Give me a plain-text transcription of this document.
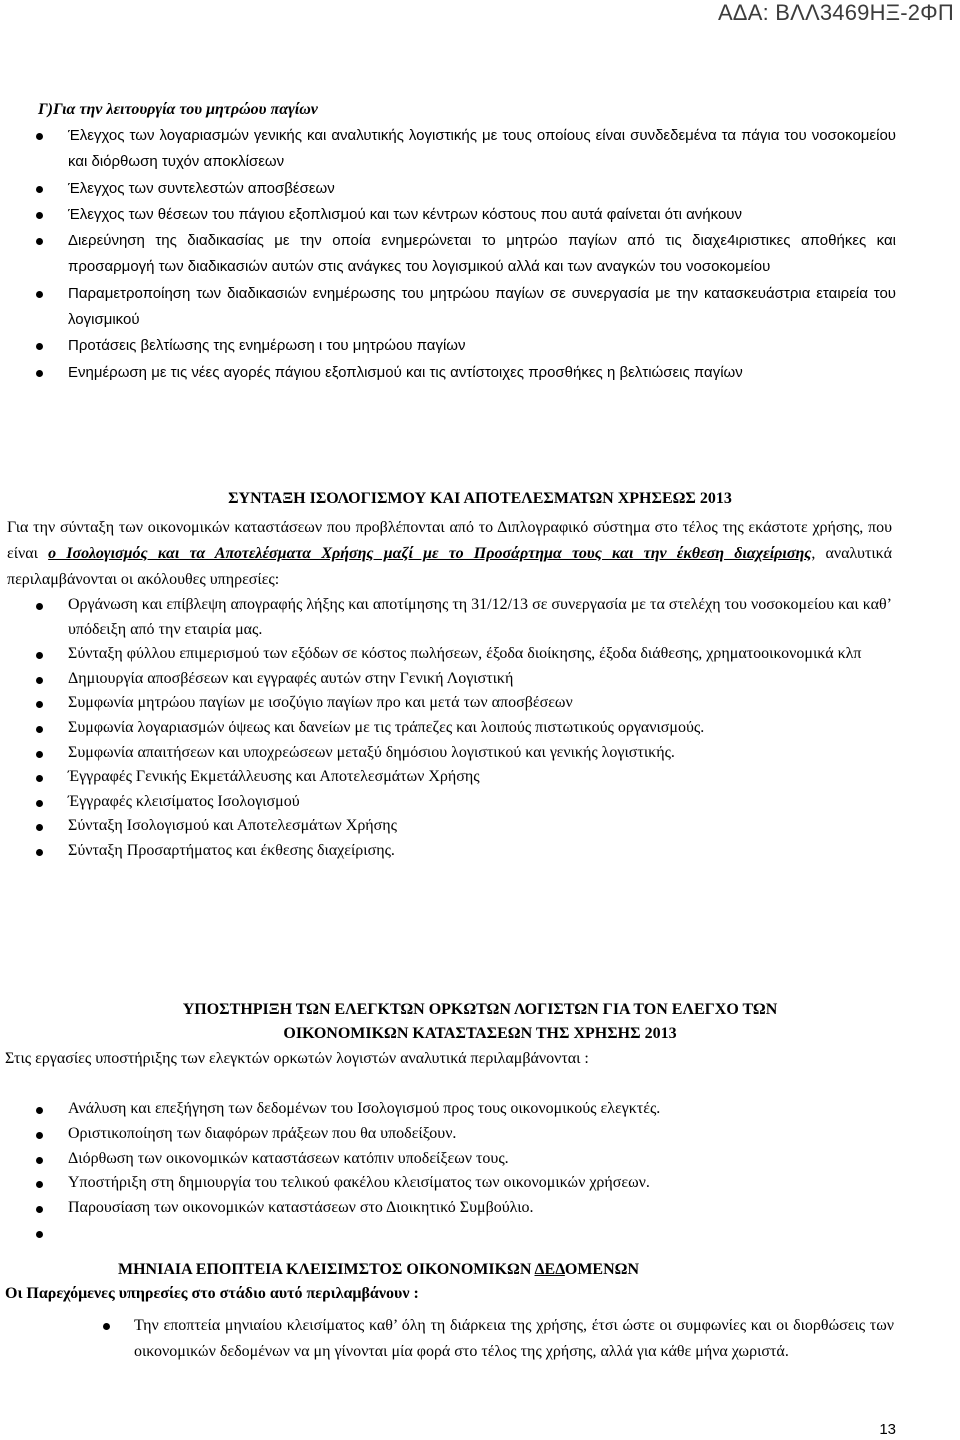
ΑΔΑ: ΒΛΛ3469ΗΞ-2ΦΠ
Γ)Για την λειτουργία του μητρώου παγίων
Έλεγχος των λογαριασμών γενικής και αναλυτικής λογιστικής με τους οποίους είναι συνδεδεμένα τα πάγια του νοσοκομείου και διόρθωση τυχόν αποκλίσεων
Έλεγχος των συντελεστών αποσβέσεων
Έλεγχος των θέσεων του πάγιου εξοπλισμού και των κέντρων κόστους που αυτά φαίνεται ότι ανήκουν
Διερεύνηση της διαδικασίας με την οποία ενημερώνεται το μητρώο παγίων από τις διαχε4ιριστικες αποθήκες και προσαρμογή των διαδικασιών αυτών στις ανάγκες του λογισμικού αλλά και των αναγκών του νοσοκομείου
Παραμετροποίηση των διαδικασιών ενημέρωσης του μητρώου παγίων σε συνεργασία με την κατασκευάστρια εταιρεία του λογισμικού
Προτάσεις βελτίωσης της ενημέρωση ι του μητρώου παγίων
Ενημέρωση με τις νέες αγορές πάγιου εξοπλισμού και τις αντίστοιχες προσθήκες η βελτιώσεις παγίων
ΣΥΝΤΑΞΗ ΙΣΟΛΟΓΙΣΜΟΥ ΚΑΙ ΑΠΟΤΕΛΕΣΜΑΤΩΝ ΧΡΗΣΕΩΣ 2013
Για την σύνταξη των οικονομικών καταστάσεων που προβλέπονται από το Διπλογραφικό σύστημα στο τέλος της εκάστοτε χρήσης, που είναι ο Ισολογισμός και τα Αποτελέσματα Χρήσης μαζί με το Προσάρτημα τους και την έκθεση διαχείρισης, αναλυτικά περιλαμβάνονται οι ακόλουθες υπηρεσίες:
Οργάνωση και επίβλεψη απογραφής λήξης και αποτίμησης τη 31/12/13 σε συνεργασία με τα στελέχη του νοσοκομείου και καθ’ υπόδειξη από την εταιρία μας.
Σύνταξη φύλλου επιμερισμού των εξόδων σε κόστος πωλήσεων, έξοδα διοίκησης, έξοδα διάθεσης, χρηματοοικονομικά κλπ
Δημιουργία αποσβέσεων και εγγραφές αυτών στην Γενική Λογιστική
Συμφωνία μητρώου παγίων με ισοζύγιο παγίων προ και μετά των αποσβέσεων
Συμφωνία λογαριασμών όψεως και δανείων με τις τράπεζες και λοιπούς πιστωτικούς οργανισμούς.
Συμφωνία απαιτήσεων και υποχρεώσεων μεταξύ δημόσιου λογιστικού και γενικής λογιστικής.
Έγγραφές Γενικής Εκμετάλλευσης και Αποτελεσμάτων Χρήσης
Έγγραφές κλεισίματος Ισολογισμού
Σύνταξη Ισολογισμού και Αποτελεσμάτων Χρήσης
Σύνταξη Προσαρτήματος και έκθεσης διαχείρισης.
ΥΠΟΣΤΗΡΙΞΗ ΤΩΝ ΕΛΕΓΚΤΩΝ ΟΡΚΩΤΩΝ ΛΟΓΙΣΤΩΝ ΓΙΑ ΤΟΝ ΕΛΕΓΧΟ ΤΩΝ
ΟΙΚΟΝΟΜΙΚΩΝ ΚΑΤΑΣΤΑΣΕΩΝ ΤΗΣ ΧΡΗΣΗΣ 2013
Στις εργασίες υποστήριξης των ελεγκτών ορκωτών λογιστών αναλυτικά περιλαμβάνονται :
Ανάλυση και επεξήγηση των δεδομένων του Ισολογισμού προς τους οικονομικούς ελεγκτές.
Οριστικοποίηση των διαφόρων πράξεων που θα υποδείξουν.
Διόρθωση των οικονομικών καταστάσεων κατόπιν υποδείξεων τους.
Υποστήριξη στη δημιουργία του τελικού φακέλου κλεισίματος των οικονομικών χρήσεων.
Παρουσίαση των οικονομικών καταστάσεων στο Διοικητικό Συμβούλιο.

ΜΗΝΙΑΙΑ ΕΠΟΠΤΕΙΑ ΚΛΕΙΣΙΜΣΤΟΣ ΟΙΚΟΝΟΜΙΚΩΝ ΔΕΔΟΜΕΝΩΝ
Οι Παρεχόμενες υπηρεσίες στο στάδιο αυτό περιλαμβάνουν :
Την εποπτεία μηνιαίου κλεισίματος καθ’ όλη τη διάρκεια της χρήσης, έτσι ώστε οι συμφωνίες και οι διορθώσεις των οικονομικών δεδομένων να μη γίνονται μία φορά στο τέλος της χρήσης, αλλά για κάθε μήνα χωριστά.
13
